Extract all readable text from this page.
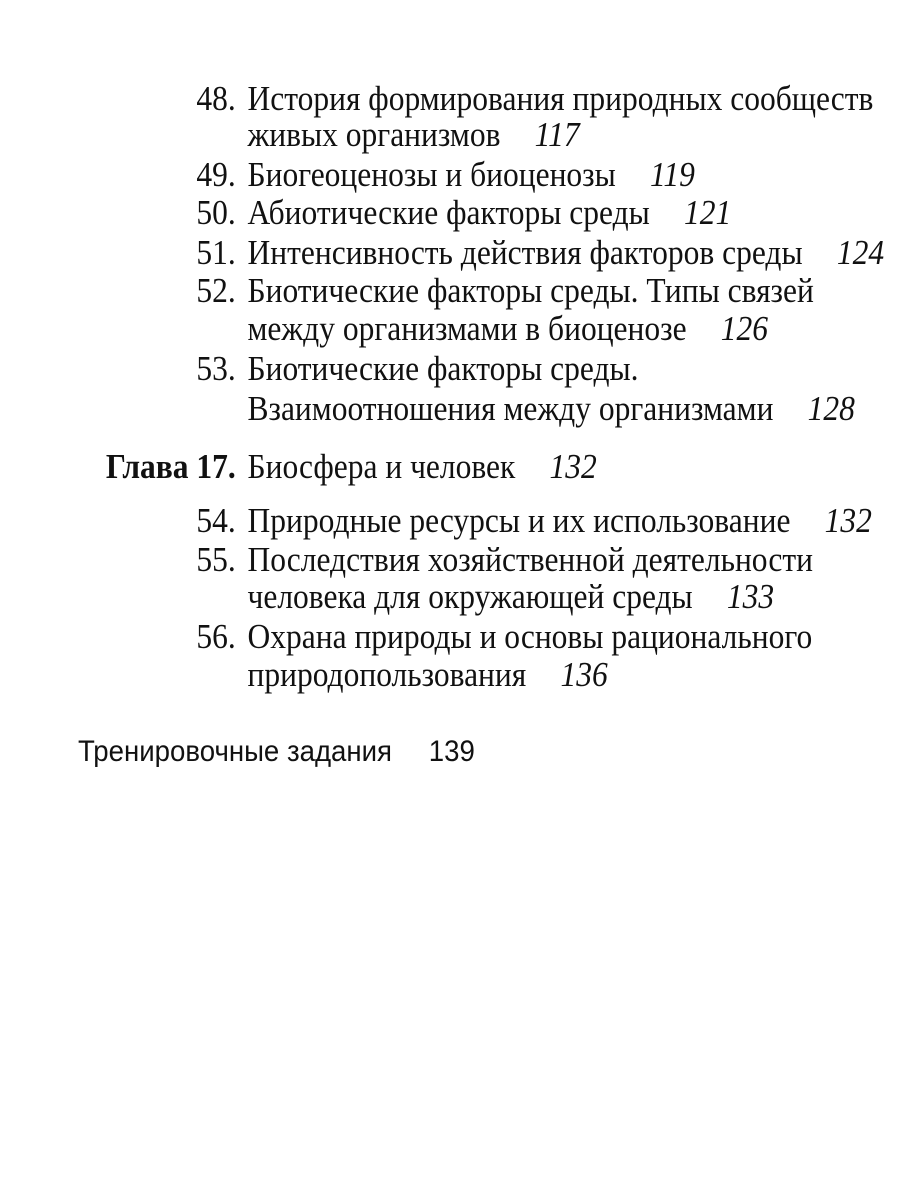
48. История формирования природных сообществ
живых организмов 117
49. Биогеоценозы и биоценозы 119
50. Абиотические факторы среды 121
51. Интенсивность действия факторов среды 124
52. Биотические факторы среды. Типы связей
между организмами в биоценозе 126
53. Биотические факторы среды.
Взаимоотношения между организмами 128
Глава 17. Биосфера и человек 132
54. Природные ресурсы и их использование 132
55. Последствия хозяйственной деятельности
человека для окружающей среды 133
56. Охрана природы и основы рационального
природопользования 136
Тренировочные задания 139
